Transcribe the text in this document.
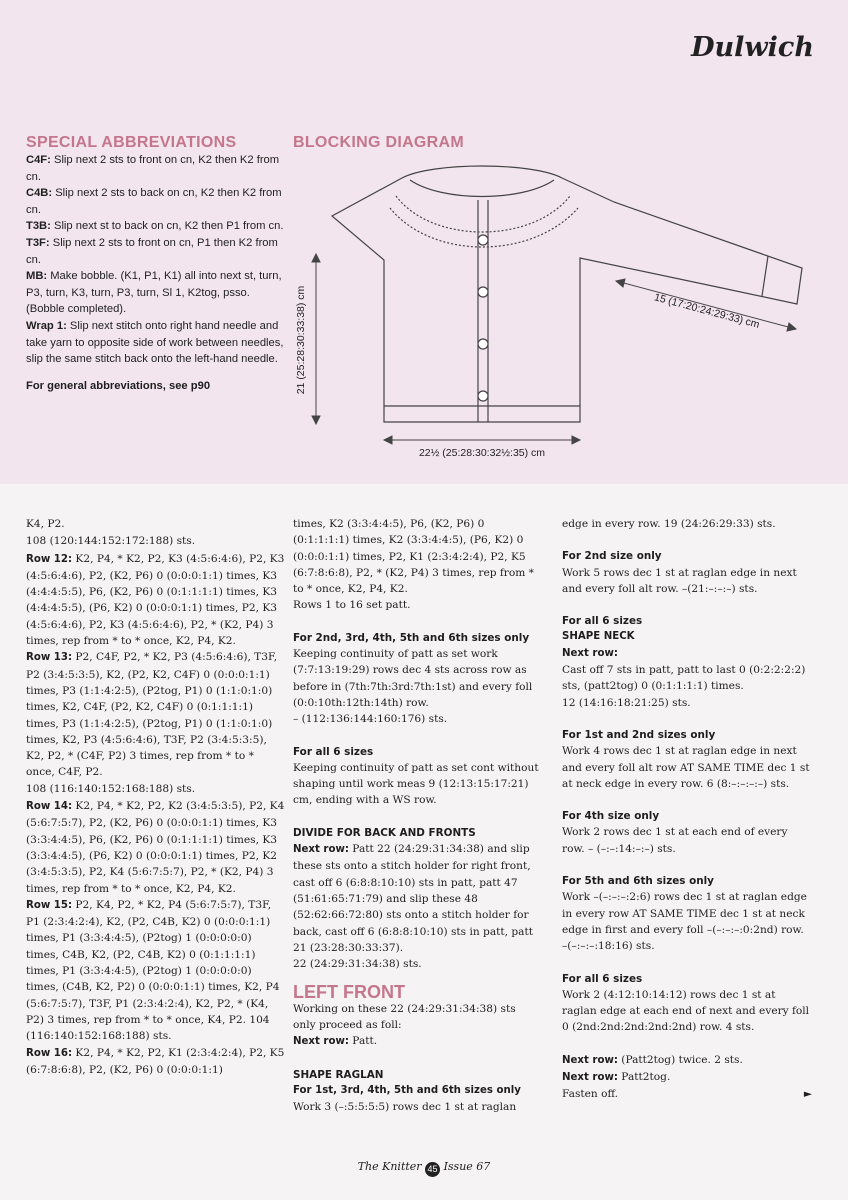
Dulwich
SPECIAL ABBREVIATIONS
C4F: Slip next 2 sts to front on cn, K2 then K2 from cn.
C4B: Slip next 2 sts to back on cn, K2 then K2 from cn.
T3B: Slip next st to back on cn, K2 then P1 from cn.
T3F: Slip next 2 sts to front on cn, P1 then K2 from cn.
MB: Make bobble. (K1, P1, K1) all into next st, turn, P3, turn, K3, turn, P3, turn, Sl 1, K2tog, psso. (Bobble completed).
Wrap 1: Slip next stitch onto right hand needle and take yarn to opposite side of work between needles, slip the same stitch back onto the left-hand needle.
For general abbreviations, see p90
BLOCKING DIAGRAM
21 (25:28:30:33:38) cm	15 (17:20:24:29:33) cm
22½ (25:28:30:32½:35) cm
K4, P2.
108 (120:144:152:172:188) sts.
Row 12: K2, P4, * K2, P2, K3 (4:5:6:4:6), P2, K3 (4:5:6:4:6), P2, (K2, P6) 0 (0:0:0:1:1) times, K3 (4:4:4:5:5), P6, (K2, P6) 0 (0:1:1:1:1) times, K3 (4:4:4:5:5), (P6, K2) 0 (0:0:0:1:1) times, P2, K3 (4:5:6:4:6), P2, K3 (4:5:6:4:6), P2, * (K2, P4) 3 times, rep from * to * once, K2, P4, K2.
Row 13: P2, C4F, P2, * K2, P3 (4:5:6:4:6), T3F, P2 (3:4:5:3:5), K2, (P2, K2, C4F) 0 (0:0:0:1:1) times, P3 (1:1:4:2:5), (P2tog, P1) 0 (1:1:0:1:0) times, K2, C4F, (P2, K2, C4F) 0 (0:1:1:1:1) times, P3 (1:1:4:2:5), (P2tog, P1) 0 (1:1:0:1:0) times, K2, P3 (4:5:6:4:6), T3F, P2 (3:4:5:3:5), K2, P2, * (C4F, P2) 3 times, rep from * to * once, C4F, P2.
108 (116:140:152:168:188) sts.
Row 14: K2, P4, * K2, P2, K2 (3:4:5:3:5), P2, K4 (5:6:7:5:7), P2, (K2, P6) 0 (0:0:0:1:1) times, K3 (3:3:4:4:5), P6, (K2, P6) 0 (0:1:1:1:1) times, K3 (3:3:4:4:5), (P6, K2) 0 (0:0:0:1:1) times, P2, K2 (3:4:5:3:5), P2, K4 (5:6:7:5:7), P2, * (K2, P4) 3 times, rep from * to * once, K2, P4, K2.
Row 15: P2, K4, P2, * K2, P4 (5:6:7:5:7), T3F, P1 (2:3:4:2:4), K2, (P2, C4B, K2) 0 (0:0:0:1:1) times, P1 (3:3:4:4:5), (P2tog) 1 (0:0:0:0:0) times, C4B, K2, (P2, C4B, K2) 0 (0:1:1:1:1) times, P1 (3:3:4:4:5), (P2tog) 1 (0:0:0:0:0) times, (C4B, K2, P2) 0 (0:0:0:1:1) times, K2, P4 (5:6:7:5:7), T3F, P1 (2:3:4:2:4), K2, P2, * (K4, P2) 3 times, rep from * to * once, K4, P2. 104 (116:140:152:168:188) sts.
Row 16: K2, P4, * K2, P2, K1 (2:3:4:2:4), P2, K5 (6:7:8:6:8), P2, (K2, P6) 0 (0:0:0:1:1)
times, K2 (3:3:4:4:5), P6, (K2, P6) 0 (0:1:1:1:1) times, K2 (3:3:4:4:5), (P6, K2) 0 (0:0:0:1:1) times, P2, K1 (2:3:4:2:4), P2, K5 (6:7:8:6:8), P2, * (K2, P4) 3 times, rep from * to * once, K2, P4, K2.
Rows 1 to 16 set patt.
For 2nd, 3rd, 4th, 5th and 6th sizes only
Keeping continuity of patt as set work (7:7:13:19:29) rows dec 4 sts across row as before in (7th:7th:3rd:7th:1st) and every foll (0:0:10th:12th:14th) row.
– (112:136:144:160:176) sts.
For all 6 sizes
Keeping continuity of patt as set cont without shaping until work meas 9 (12:13:15:17:21) cm, ending with a WS row.
DIVIDE FOR BACK AND FRONTS
Next row: Patt 22 (24:29:31:34:38) and slip these sts onto a stitch holder for right front, cast off 6 (6:8:8:10:10) sts in patt, patt 47 (51:61:65:71:79) and slip these 48 (52:62:66:72:80) sts onto a stitch holder for back, cast off 6 (6:8:8:10:10) sts in patt, patt 21 (23:28:30:33:37).
22 (24:29:31:34:38) sts.
LEFT FRONT
Working on these 22 (24:29:31:34:38) sts only proceed as foll:
Next row: Patt.
SHAPE RAGLAN
For 1st, 3rd, 4th, 5th and 6th sizes only
Work 3 (–:5:5:5:5) rows dec 1 st at raglan
edge in every row. 19 (24:26:29:33) sts.
For 2nd size only
Work 5 rows dec 1 st at raglan edge in next and every foll alt row. –(21:–:–:–) sts.
For all 6 sizes
SHAPE NECK
Next row:
Cast off 7 sts in patt, patt to last 0 (0:2:2:2:2) sts, (patt2tog) 0 (0:1:1:1:1) times.
12 (14:16:18:21:25) sts.
For 1st and 2nd sizes only
Work 4 rows dec 1 st at raglan edge in next and every foll alt row AT SAME TIME dec 1 st at neck edge in every row. 6 (8:–:–:–:–) sts.
For 4th size only
Work 2 rows dec 1 st at each end of every row. – (–:–:14:–:–) sts.
For 5th and 6th sizes only
Work –(–:–:–:2:6) rows dec 1 st at raglan edge in every row AT SAME TIME dec 1 st at neck edge in first and every foll –(–:–:–:0:2nd) row. –(–:–:–:18:16) sts.
For all 6 sizes
Work 2 (4:12:10:14:12) rows dec 1 st at raglan edge at each end of next and every foll 0 (2nd:2nd:2nd:2nd:2nd) row. 4 sts.
Next row: (Patt2tog) twice. 2 sts.
Next row: Patt2tog.
Fasten off.	►
The Knitter 45 Issue 67
